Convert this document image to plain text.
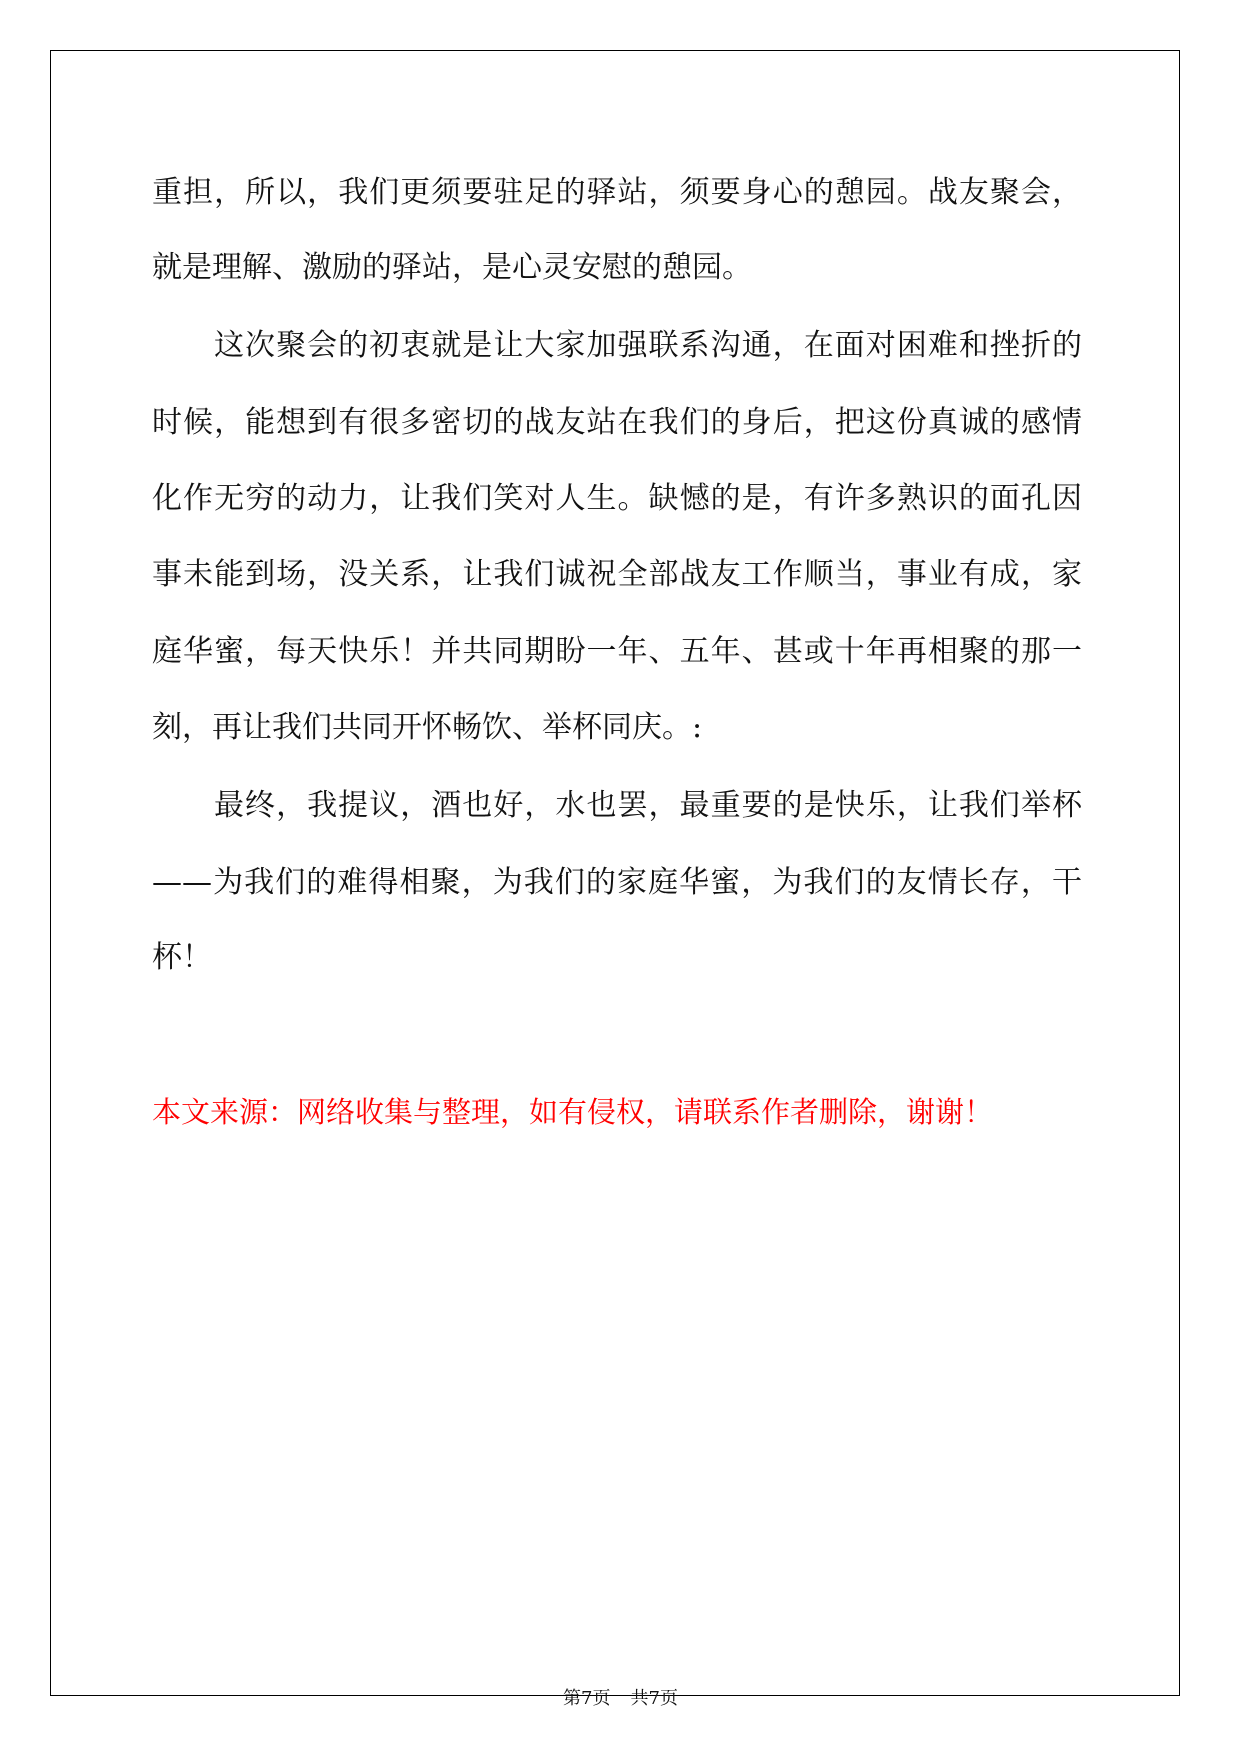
重担，所以，我们更须要驻足的驿站，须要身心的憩园。战友聚会，
就是理解、激励的驿站，是心灵安慰的憩园。
这次聚会的初衷就是让大家加强联系沟通，在面对困难和挫折的
时候，能想到有很多密切的战友站在我们的身后，把这份真诚的感情
化作无穷的动力，让我们笑对人生。缺憾的是，有许多熟识的面孔因
事未能到场，没关系，让我们诚祝全部战友工作顺当，事业有成，家
庭华蜜，每天快乐！并共同期盼一年、五年、甚或十年再相聚的那一
刻，再让我们共同开怀畅饮、举杯同庆。:
最终，我提议，酒也好，水也罢，最重要的是快乐，让我们举杯
——为我们的难得相聚，为我们的家庭华蜜，为我们的友情长存，干
杯！
本文来源：网络收集与整理，如有侵权，请联系作者删除，谢谢！
第7页 共7页
